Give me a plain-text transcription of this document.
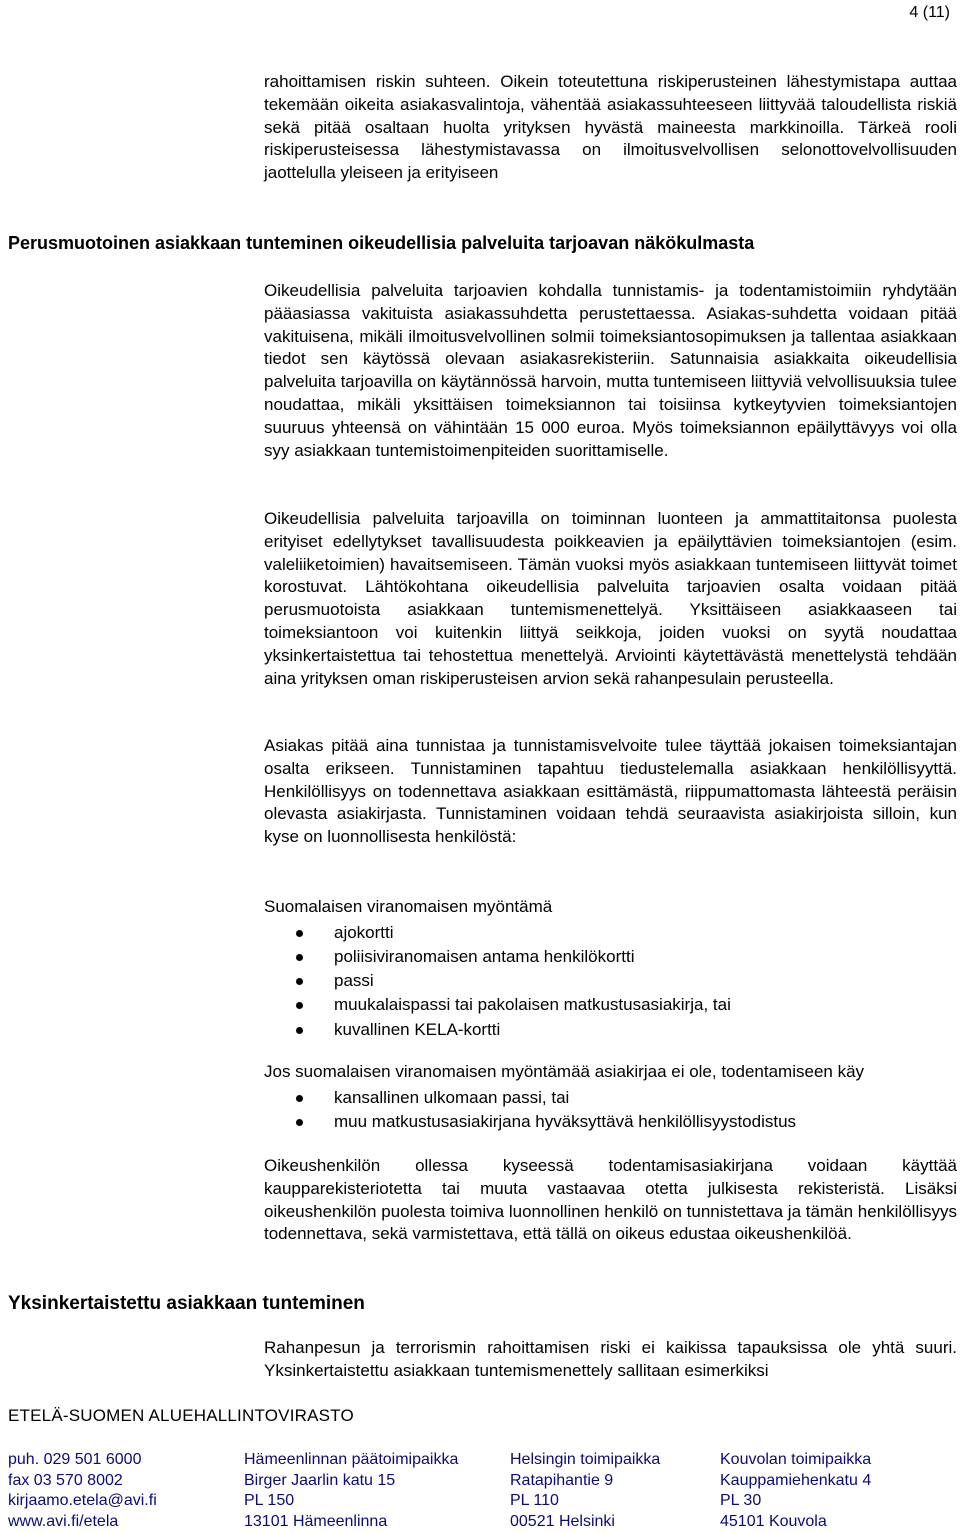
4 (11)

rahoittamisen riskin suhteen. Oikein toteutettuna riskiperusteinen lähestymistapa auttaa tekemään oikeita asiakasvalintoja, vähentää asiakassuhteeseen liittyvää taloudellista riskiä sekä pitää osaltaan huolta yrityksen hyvästä maineesta markkinoilla. Tärkeä rooli riskiperusteisessa lähestymistavassa on ilmoitusvelvollisen selonottovelvollisuuden jaottelulla yleiseen ja erityiseen

Perusmuotoinen asiakkaan tunteminen oikeudellisia palveluita tarjoavan näkökulmasta

Oikeudellisia palveluita tarjoavien kohdalla tunnistamis- ja todentamistoimiin ryhdytään pääasiassa vakituista asiakassuhdetta perustettaessa. Asiakas-suhdetta voidaan pitää vakituisena, mikäli ilmoitusvelvollinen solmii toimeksiantosopimuksen ja tallentaa asiakkaan tiedot sen käytössä olevaan asiakasrekisteriin. Satunnaisia asiakkaita oikeudellisia palveluita tarjoavilla on käytännössä harvoin, mutta tuntemiseen liittyviä velvollisuuksia tulee noudattaa, mikäli yksittäisen toimeksiannon tai toisiinsa kytkeytyvien toimeksiantojen suuruus yhteensä on vähintään 15 000 euroa. Myös toimeksiannon epäilyttävyys voi olla syy asiakkaan tuntemistoimenpiteiden suorittamiselle.

Oikeudellisia palveluita tarjoavilla on toiminnan luonteen ja ammattitaitonsa puolesta erityiset edellytykset tavallisuudesta poikkeavien ja epäilyttävien toimeksiantojen (esim. valeliiketoimien) havaitsemiseen. Tämän vuoksi myös asiakkaan tuntemiseen liittyvät toimet korostuvat. Lähtökohtana oikeudellisia palveluita tarjoavien osalta voidaan pitää perusmuotoista asiakkaan tuntemismenettelyä. Yksittäiseen asiakkaaseen tai toimeksiantoon voi kuitenkin liittyä seikkoja, joiden vuoksi on syytä noudattaa yksinkertaistettua tai tehostettua menettelyä. Arviointi käytettävästä menettelystä tehdään aina yrityksen oman riskiperusteisen arvion sekä rahanpesulain perusteella.

Asiakas pitää aina tunnistaa ja tunnistamisvelvoite tulee täyttää jokaisen toimeksiantajan osalta erikseen. Tunnistaminen tapahtuu tiedustelemalla asiakkaan henkilöllisyyttä. Henkilöllisyys on todennettava asiakkaan esittämästä, riippumattomasta lähteestä peräisin olevasta asiakirjasta. Tunnistaminen voidaan tehdä seuraavista asiakirjoista silloin, kun kyse on luonnollisesta henkilöstä:

Suomalaisen viranomaisen myöntämä

ajokortti
poliisiviranomaisen antama henkilökortti
passi
muukalaispassi tai pakolaisen matkustusasiakirja, tai
kuvallinen KELA-kortti

Jos suomalaisen viranomaisen myöntämää asiakirjaa ei ole, todentamiseen käy

kansallinen ulkomaan passi, tai
muu matkustusasiakirjana hyväksyttävä henkilöllisyystodistus

Oikeushenkilön ollessa kyseessä todentamisasiakirjana voidaan käyttää kaupparekisteriotetta tai muuta vastaavaa otetta julkisesta rekisteristä. Lisäksi oikeushenkilön puolesta toimiva luonnollinen henkilö on tunnistettava ja tämän henkilöllisyys todennettava, sekä varmistettava, että tällä on oikeus edustaa oikeushenkilöä.

Yksinkertaistettu asiakkaan tunteminen

Rahanpesun ja terrorismin rahoittamisen riski ei kaikissa tapauksissa ole yhtä suuri. Yksinkertaistettu asiakkaan tuntemismenettely sallitaan esimerkiksi

ETELÄ-SUOMEN ALUEHALLINTOVIRASTO
puh. 029 501 6000
fax 03 570 8002
kirjaamo.etela@avi.fi
www.avi.fi/etela
Hämeenlinnan päätoimipaikka
Birger Jaarlin katu 15
PL 150
13101 Hämeenlinna
Helsingin toimipaikka
Ratapihantie 9
PL 110
00521 Helsinki
Kouvolan toimipaikka
Kauppamiehenkatu 4
PL 30
45101 Kouvola
